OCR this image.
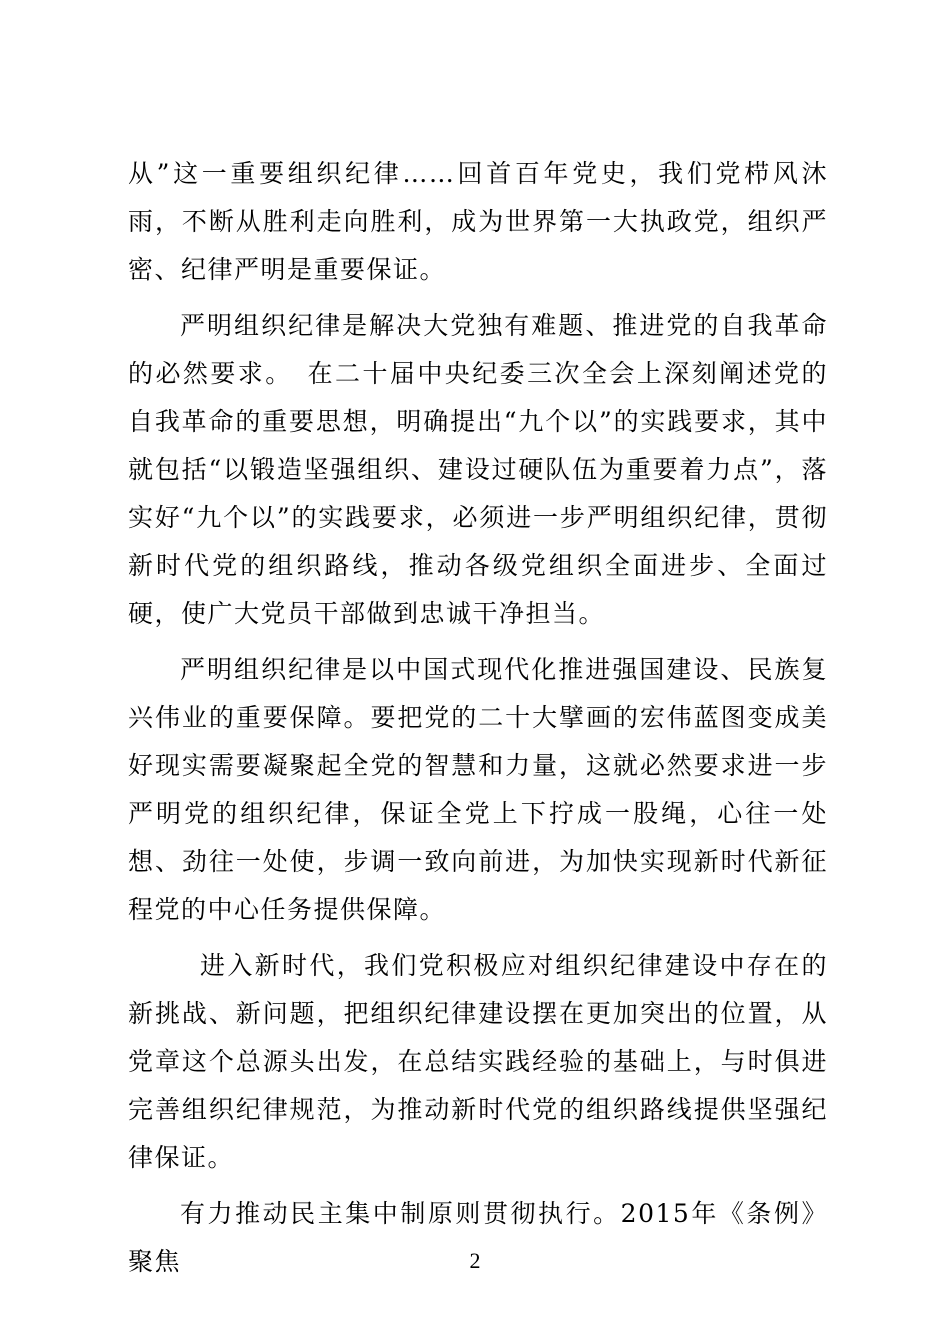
从”这一重要组织纪律……回首百年党史，我们党栉风沐雨，不断从胜利走向胜利，成为世界第一大执政党，组织严密、纪律严明是重要保证。

严明组织纪律是解决大党独有难题、推进党的自我革命的必然要求。　在二十届中央纪委三次全会上深刻阐述党的自我革命的重要思想，明确提出“九个以”的实践要求，其中就包括“以锻造坚强组织、建设过硬队伍为重要着力点”，落实好“九个以”的实践要求，必须进一步严明组织纪律，贯彻新时代党的组织路线，推动各级党组织全面进步、全面过硬，使广大党员干部做到忠诚干净担当。

严明组织纪律是以中国式现代化推进强国建设、民族复兴伟业的重要保障。要把党的二十大擘画的宏伟蓝图变成美好现实需要凝聚起全党的智慧和力量，这就必然要求进一步严明党的组织纪律，保证全党上下拧成一股绳，心往一处想、劲往一处使，步调一致向前进，为加快实现新时代新征程党的中心任务提供保障。

进入新时代，我们党积极应对组织纪律建设中存在的新挑战、新问题，把组织纪律建设摆在更加突出的位置，从党章这个总源头出发，在总结实践经验的基础上，与时俱进完善组织纪律规范，为推动新时代党的组织路线提供坚强纪律保证。

有力推动民主集中制原则贯彻执行。2015年《条例》聚焦	2
